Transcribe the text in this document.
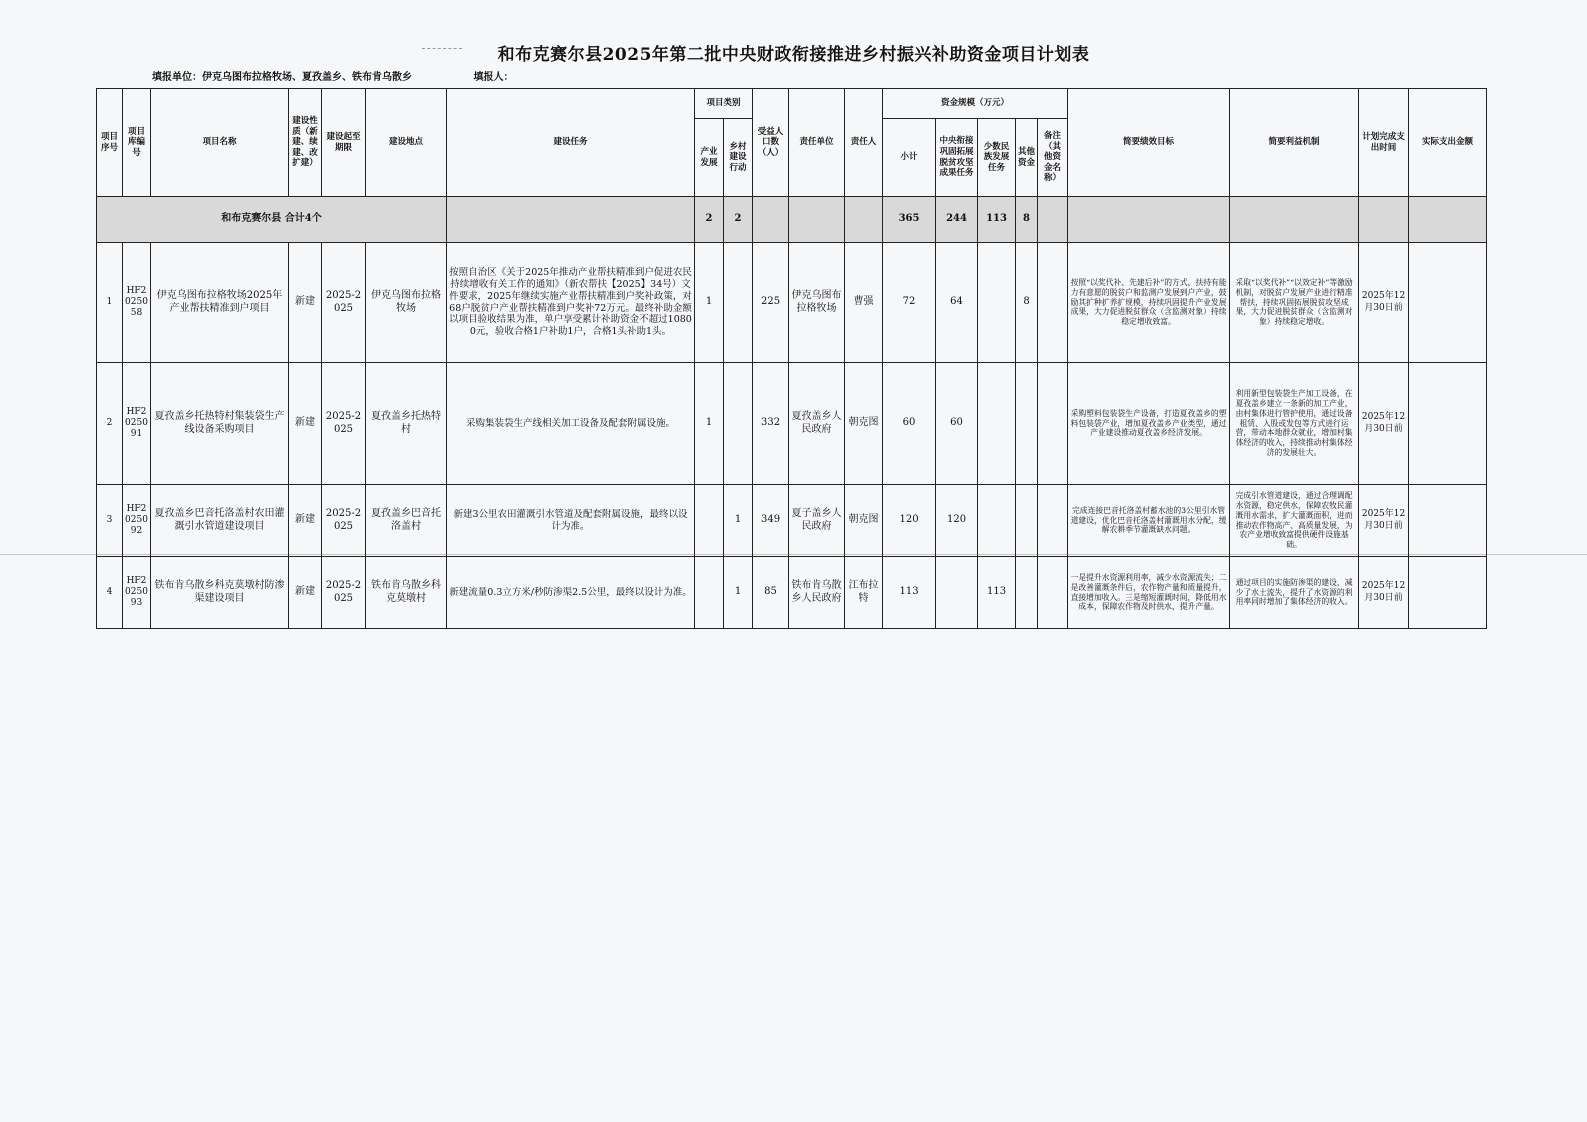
和布克赛尔县2025年第二批中央财政衔接推进乡村振兴补助资金项目计划表
填报单位：伊克乌图布拉格牧场、夏孜盖乡、铁布肯乌散乡	填报人：
项目序号	项目库编号	项目名称	建设性质（新建、续建、改扩建）	建设起至期限	建设地点	建设任务	项目类别		受益人口数（人）	责任单位	责任人	资金规模（万元）					简要绩效目标	简要利益机制	计划完成支出时间	实际支出金额
							产业发展	乡村建设行动				小计	中央衔接巩固拓展脱贫攻坚成果任务	少数民族发展任务	其他资金	备注（其他资金名称）				
和布克赛尔县 合计4个							2	2				365	244	113	8					
1	HF2025058	伊克乌图布拉格牧场2025年产业帮扶精准到户项目	新建	2025-2025	伊克乌图布拉格牧场	按照自治区《关于2025年推动产业帮扶精准到户促进农民持续增收有关工作的通知》（新农帮扶【2025】34号）文件要求，2025年继续实施产业帮扶精准到户奖补政策，对68户脱贫户产业帮扶精准到户奖补72万元。最终补助金额以项目验收结果为准，单户享受累计补助资金不超过10800元，验收合格1户补助1户，合格1头补助1头。	1		225	伊克乌图布拉格牧场	曹强	72	64		8		按照“以奖代补、先建后补”的方式，扶持有能力有意愿的脱贫户和监测户发展到户产业，鼓励其扩种扩养扩规模，持续巩固提升产业发展成果，大力促进脱贫群众（含监测对象）持续稳定增收致富。	采取“以奖代补”“以效定补”等激励机制，对脱贫户发展产业进行精准帮扶，持续巩固拓展脱贫攻坚成果，大力促进脱贫群众（含监测对象）持续稳定增收。	2025年12月30日前	
2	HF2025091	夏孜盖乡托热特村集装袋生产线设备采购项目	新建	2025-2025	夏孜盖乡托热特村	采购集装袋生产线相关加工设备及配套附属设施。	1		332	夏孜盖乡人民政府	朝克图	60	60				采购塑料包装袋生产设备，打造夏孜盖乡的塑料包装袋产业，增加夏孜盖乡产业类型，通过产业建设推动夏孜盖乡经济发展。	利用新型包装袋生产加工设备，在夏孜盖乡建立一条新的加工产业，由村集体进行管护使用，通过设备租赁、入股或发包等方式进行运营，带动本地群众就业，增加村集体经济的收入，持续推动村集体经济的发展壮大。	2025年12月30日前	
3	HF2025092	夏孜盖乡巴音托洛盖村农田灌溉引水管道建设项目	新建	2025-2025	夏孜盖乡巴音托洛盖村	新建3公里农田灌溉引水管道及配套附属设施，最终以设计为准。		1	349	夏子盖乡人民政府	朝克图	120	120				完成连接巴音托洛盖村蓄水池的3公里引水管道建设，优化巴音托洛盖村灌溉用水分配，缓解农耕季节灌溉缺水问题。	完成引水管道建设，通过合理调配水资源，稳定供水，保障农牧民灌溉用水需求，扩大灌溉面积，进而推动农作物高产、高质量发展，为农产业增收致富提供硬件设施基础。	2025年12月30日前	
4	HF2025093	铁布肯乌散乡科克莫墩村防渗渠建设项目	新建	2025-2025	铁布肯乌散乡科克莫墩村	新建流量0.3立方米/秒防渗渠2.5公里，最终以设计为准。		1	85	铁布肯乌散乡人民政府	江布拉特	113		113			一是提升水资源利用率，减少水资源流失；二是改善灌溉条件后，农作物产量和质量提升，直接增加收入。三是缩短灌溉时间，降低用水成本，保障农作物及时供水，提升产量。	通过项目的实施防渗渠的建设，减少了水土流失，提升了水资源的利用率同时增加了集体经济的收入。	2025年12月30日前	
